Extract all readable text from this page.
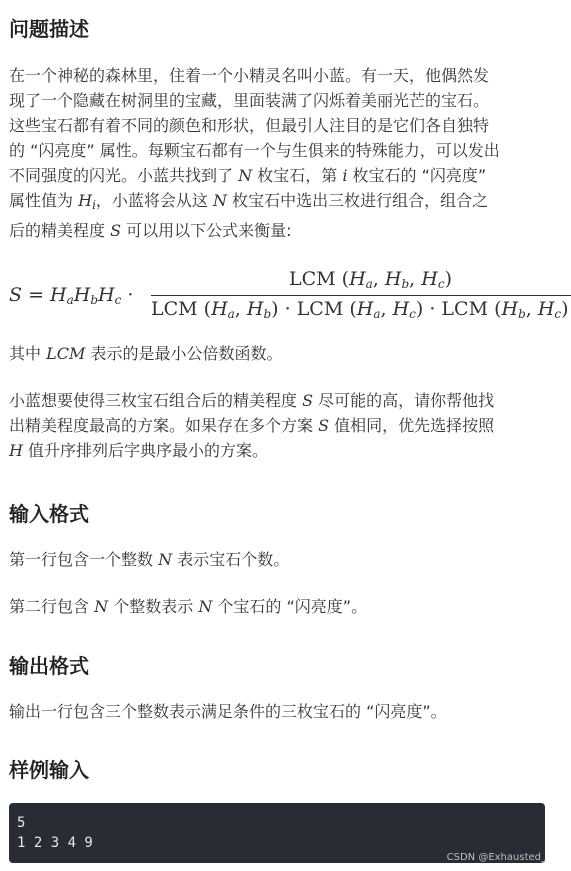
问题描述

在一个神秘的森林里，住着一个小精灵名叫小蓝。有一天，他偶然发

现了一个隐藏在树洞里的宝藏，里面装满了闪烁着美丽光芒的宝石。

这些宝石都有着不同的颜色和形状，但最引人注目的是它们各自独特

的 “闪亮度” 属性。每颗宝石都有一个与生俱来的特殊能力，可以发出

不同强度的闪光。小蓝共找到了 N 枚宝石，第 i 枚宝石的 “闪亮度”

属性值为 $H_i$，小蓝将会从这 N 枚宝石中选出三枚进行组合，组合之

后的精美程度 S 可以用以下公式来衡量:

$S = H_aH_bH_c$ ·
LCM ($H_a$, $H_b$, $H_c$)
LCM ($H_a$, $H_b$) · LCM ($H_a$, $H_c$) · LCM ($H_b$, $H_c$)

其中 LCM 表示的是最小公倍数函数。

小蓝想要使得三枚宝石组合后的精美程度 S 尽可能的高，请你帮他找

出精美程度最高的方案。如果存在多个方案 S 值相同，优先选择按照

H 值升序排列后字典序最小的方案。

输入格式

第一行包含一个整数 N 表示宝石个数。

第二行包含 N 个整数表示 N 个宝石的 “闪亮度”。

输出格式

输出一行包含三个整数表示满足条件的三枚宝石的 “闪亮度”。

样例输入
5
1 2 3 4 9
CSDN @Exhausted_
